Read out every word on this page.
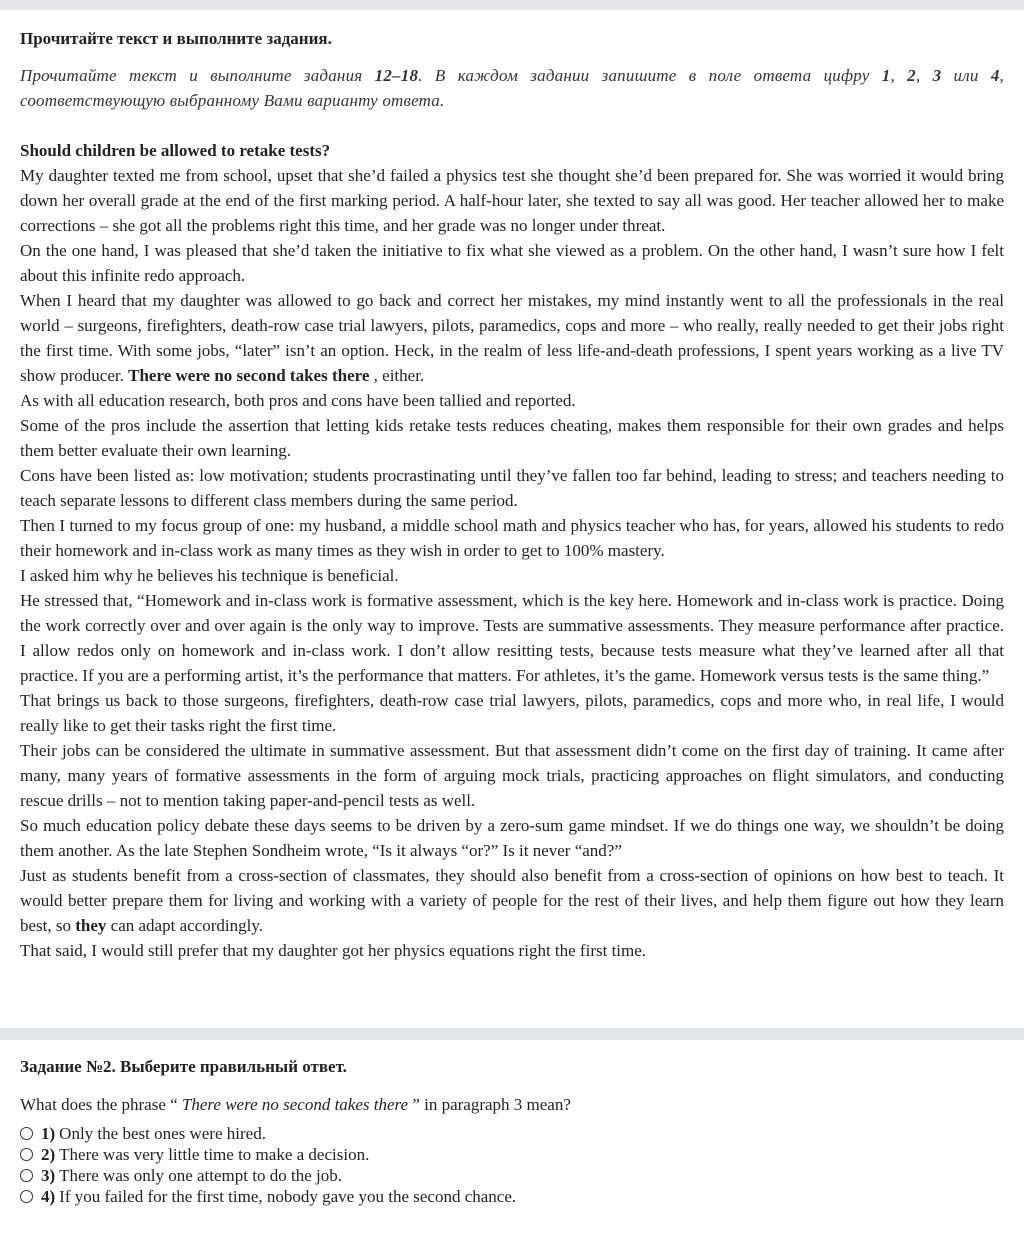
Прочитайте текст и выполните задания.

Прочитайте текст и выполните задания 12–18. В каждом задании запишите в поле ответа цифру 1, 2, 3 или 4, соответствующую выбранному Вами варианту ответа.

Should children be allowed to retake tests?

My daughter texted me from school, upset that she’d failed a physics test she thought she’d been prepared for. She was worried it would bring down her overall grade at the end of the first marking period. A half-hour later, she texted to say all was good. Her teacher allowed her to make corrections – she got all the problems right this time, and her grade was no longer under threat.

On the one hand, I was pleased that she’d taken the initiative to fix what she viewed as a problem. On the other hand, I wasn’t sure how I felt about this infinite redo approach.

When I heard that my daughter was allowed to go back and correct her mistakes, my mind instantly went to all the professionals in the real world – surgeons, firefighters, death-row case trial lawyers, pilots, paramedics, cops and more – who really, really needed to get their jobs right the first time. With some jobs, “later” isn’t an option. Heck, in the realm of less life-and-death professions, I spent years working as a live TV show producer. There were no second takes there , either.

As with all education research, both pros and cons have been tallied and reported.

Some of the pros include the assertion that letting kids retake tests reduces cheating, makes them responsible for their own grades and helps them better evaluate their own learning.

Cons have been listed as: low motivation; students procrastinating until they’ve fallen too far behind, leading to stress; and teachers needing to teach separate lessons to different class members during the same period.

Then I turned to my focus group of one: my husband, a middle school math and physics teacher who has, for years, allowed his students to redo their homework and in-class work as many times as they wish in order to get to 100% mastery.

I asked him why he believes his technique is beneficial.

He stressed that, “Homework and in-class work is formative assessment, which is the key here. Homework and in-class work is practice. Doing the work correctly over and over again is the only way to improve. Tests are summative assessments. They measure performance after practice. I allow redos only on homework and in-class work. I don’t allow resitting tests, because tests measure what they’ve learned after all that practice. If you are a performing artist, it’s the performance that matters. For athletes, it’s the game. Homework versus tests is the same thing.”

That brings us back to those surgeons, firefighters, death-row case trial lawyers, pilots, paramedics, cops and more who, in real life, I would really like to get their tasks right the first time.

Their jobs can be considered the ultimate in summative assessment. But that assessment didn’t come on the first day of training. It came after many, many years of formative assessments in the form of arguing mock trials, practicing approaches on flight simulators, and conducting rescue drills – not to mention taking paper-and-pencil tests as well.

So much education policy debate these days seems to be driven by a zero-sum game mindset. If we do things one way, we shouldn’t be doing them another. As the late Stephen Sondheim wrote, “Is it always “or?” Is it never “and?”

Just as students benefit from a cross-section of classmates, they should also benefit from a cross-section of opinions on how best to teach. It would better prepare them for living and working with a variety of people for the rest of their lives, and help them figure out how they learn best, so they can adapt accordingly.

That said, I would still prefer that my daughter got her physics equations right the first time.

Задание №2. Выберите правильный ответ.

What does the phrase “ There were no second takes there ” in paragraph 3 mean?

1) Only the best ones were hired.
2) There was very little time to make a decision.
3) There was only one attempt to do the job.
4) If you failed for the first time, nobody gave you the second chance.
